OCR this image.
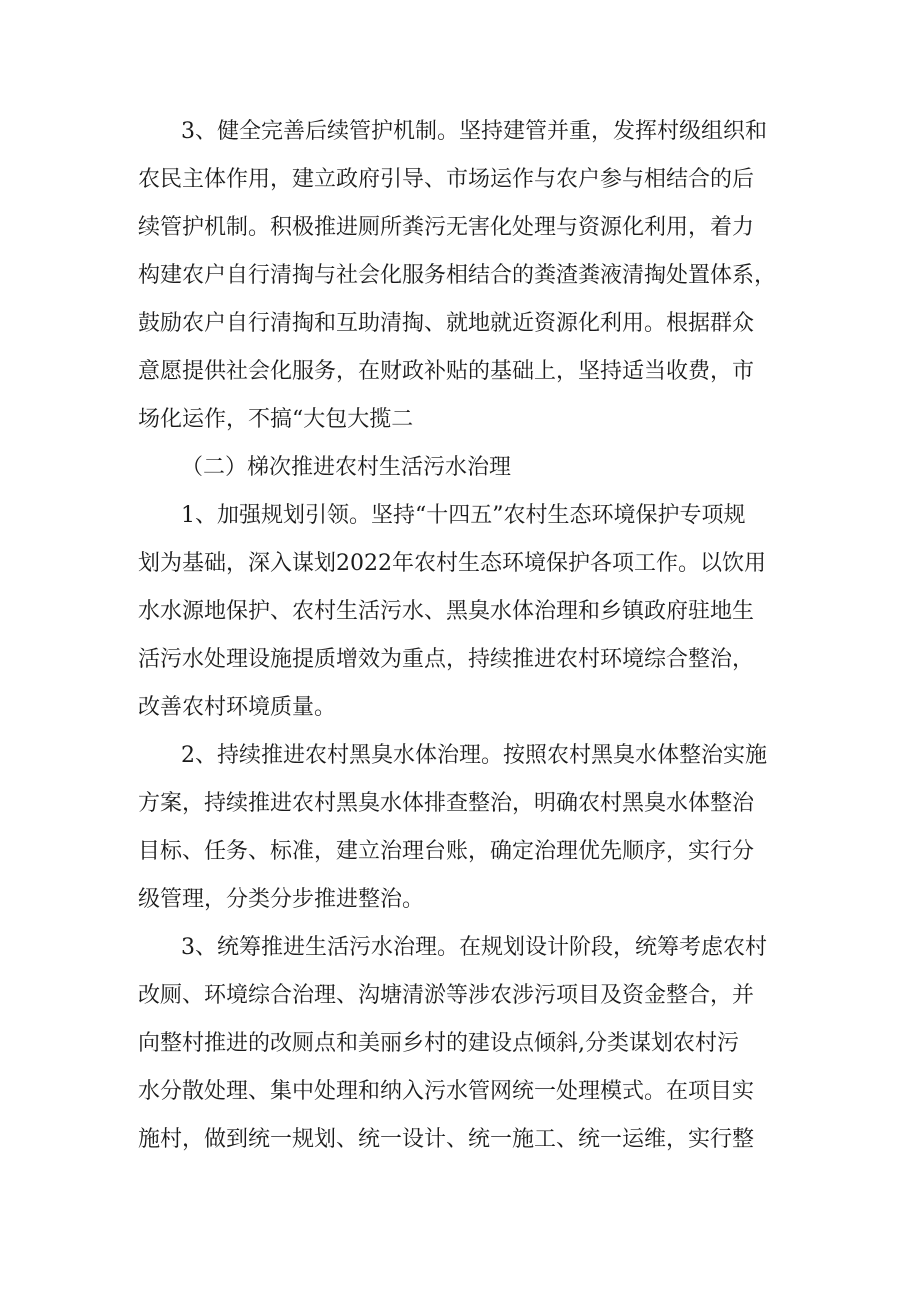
3、健全完善后续管护机制。坚持建管并重，发挥村级组织和
农民主体作用，建立政府引导、市场运作与农户参与相结合的后
续管护机制。积极推进厕所粪污无害化处理与资源化利用，着力
构建农户自行清掏与社会化服务相结合的粪渣粪液清掏处置体系，
鼓励农户自行清掏和互助清掏、就地就近资源化利用。根据群众
意愿提供社会化服务，在财政补贴的基础上，坚持适当收费，市
场化运作，不搞“大包大揽二
（二）梯次推进农村生活污水治理
1、加强规划引领。坚持“十四五”农村生态环境保护专项规
划为基础，深入谋划2022年农村生态环境保护各项工作。以饮用
水水源地保护、农村生活污水、黑臭水体治理和乡镇政府驻地生
活污水处理设施提质增效为重点，持续推进农村环境综合整治，
改善农村环境质量。
2、持续推进农村黑臭水体治理。按照农村黑臭水体整治实施
方案，持续推进农村黑臭水体排查整治，明确农村黑臭水体整治
目标、任务、标准，建立治理台账，确定治理优先顺序，实行分
级管理，分类分步推进整治。
3、统筹推进生活污水治理。在规划设计阶段，统筹考虑农村
改厕、环境综合治理、沟塘清淤等涉农涉污项目及资金整合，并
向整村推进的改厕点和美丽乡村的建设点倾斜,分类谋划农村污
水分散处理、集中处理和纳入污水管网统一处理模式。在项目实
施村，做到统一规划、统一设计、统一施工、统一运维，实行整
